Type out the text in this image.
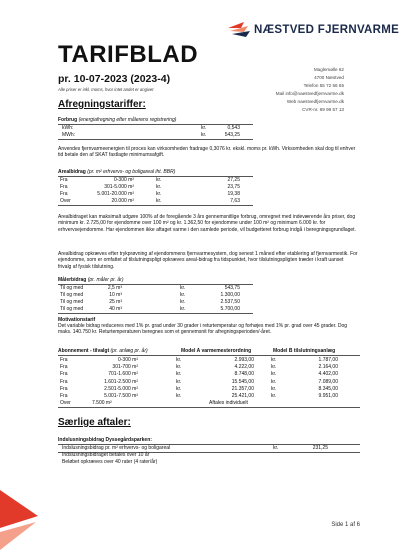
NÆSTVED FJERNVARME
TARIFBLAD
pr. 10-07-2023 (2023-4)
Alle priser er inkl. moms, hvor intet andet er angivet
Maglemølle 62
4700 Næstved
Telefon 55 72 56 65
Mail info@naestvedfjernvarme.dk
Web naestvedfjernvarme.dk
CVR-nr. 69 99 57 13
Afregningstariffer:
Forbrug (energiafregning efter målerens registrering)
kWh:	kr.	0,543
MWh:	kr.	543,25
Anvendes fjernvarmeenergien til proces kan virksomheden fradrage 0,3076 kr. ekskl. moms pr. kWh. Virksomheden skal dog til enhver tid betale den af SKAT fastlagte minimumsafgift.
Arealbidrag (pr. m² erhvervs- og boligareal iht. BBR)
Fra	0-300 m²	kr.	27,25
Fra	301-5.000 m²	kr.	23,75
Fra	5.001-20.000 m²	kr.	19,38
Over	20.000 m²	kr.	7,63
Arealbidraget kan maksimalt udgøre 100% af de foregående 3 års gennemsnitlige forbrug, omregnet med indeværende års priser, dog minimum kr. 2.725,00 for ejendomme over 100 m² og kr. 1.362,50 for ejendomme under 100 m² og minimum 6.000 kr. for erhvervsejendomme. Har ejendommen ikke aftaget varme i den samlede periode, vil budgetteret forbrug indgå i beregningsgrundlaget.
Arealbidrag opkræves efter trykprøvning af ejendommens fjernvarmesystem, dog senest 1 måned efter etablering af fjernvarmestik. For ejendomme, som er omfattet af tilslutningspligt opkræves areal-bidrag fra tidspunktet, hvor tilslutningspligten træder i kraft uanset frivalg af fysisk tilslutning.
Målerbidrag (pr. måler pr. år)
Til og med	2,5 m³	kr.	543,75
Til og med	10 m³	kr.	1.300,00
Til og med	25 m³	kr.	2.537,50
Til og med	40 m³	kr.	5.700,00
Motivationstarif
Det variable bidrag reduceres med 1% pr. grad under 30 grader i returtemperatur og forhøjes med 1% pr. grad over 45 grader. Dog maks. 140.750 kr. Returtemperaturen beregnes som et gennemsnit for afregningsperioden/-året.
Abonnement - tilvalgt (pr. anlæg pr. år)	Model A varmemesterordning	Model B tilslutningsanlæg
Fra	0-300 m²	kr.	2.993,00	kr.	1.787,00
Fra	301-700 m²	kr.	4.222,00	kr.	2.164,00
Fra	701-1.600 m²	kr.	8.748,00	kr.	4.402,00
Fra	1.601-2.500 m²	kr.	15.545,00	kr.	7.089,00
Fra	2.501-5.000 m²	kr.	21.357,00	kr.	8.345,00
Fra	5.001-7.500 m²	kr.	25.421,00	kr.	9.951,00
Over	7.500 m²	Aftales individuelt
Særlige aftaler:
Indslusningsbidrag Dyssegårdsparken:
Indslusningsbidrag pr. m² erhvervs- og boligareal	kr.	231,25
Indslusningsbidraget betales over 10 år
Beløbet opkræves over 40 rater (4 rater/år)
Side 1 af 6
